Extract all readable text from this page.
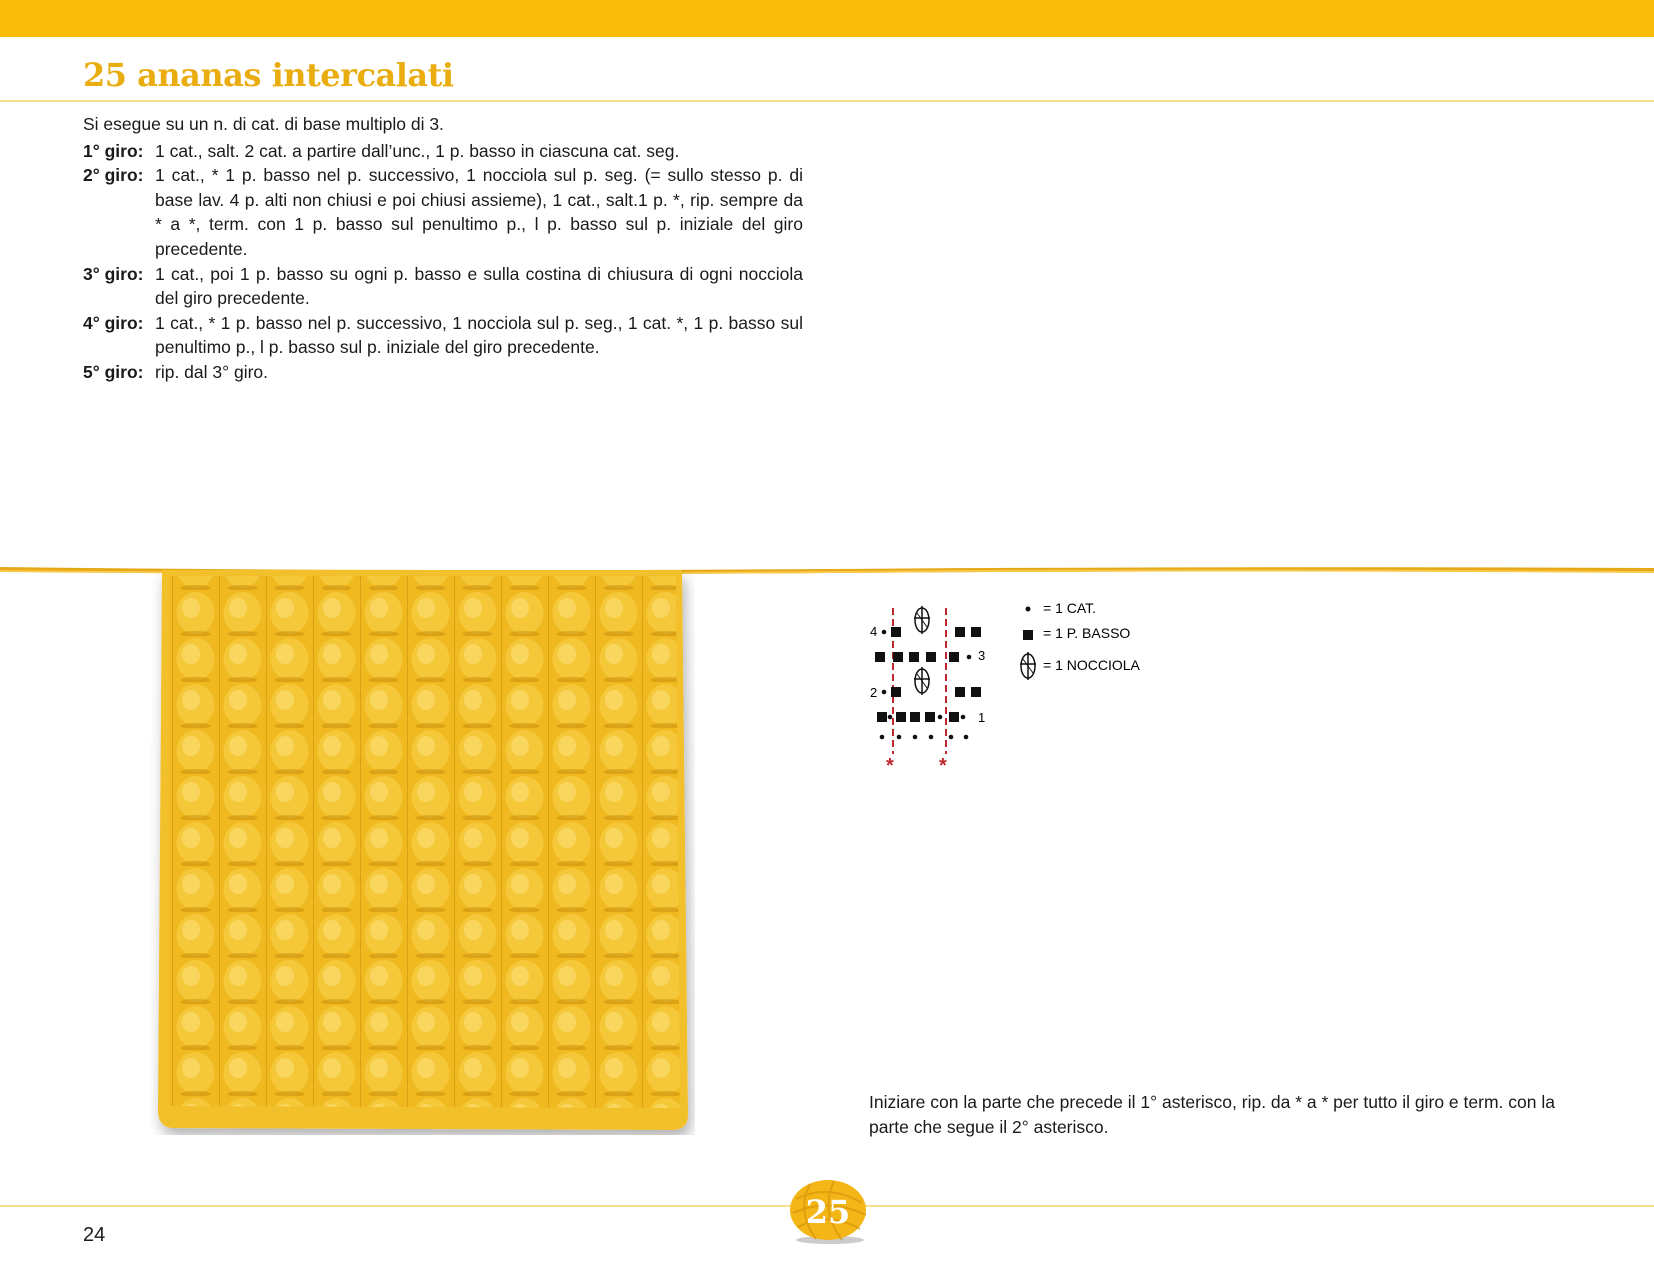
25 ananas intercalati

Si esegue su un n. di cat. di base multiplo di 3.

1° giro: 1 cat., salt. 2 cat. a partire dall’unc., 1 p. basso in ciascuna cat. seg.
2° giro: 1 cat., * 1 p. basso nel p. successivo, 1 nocciola sul p. seg. (= sullo stesso p. di base lav. 4 p. alti non chiusi e poi chiusi assieme), 1 cat., salt.1 p. *, rip. sempre da * a *, term. con 1 p. basso sul penultimo p., l p. basso sul p. iniziale del giro precedente.
3° giro: 1 cat., poi 1 p. basso su ogni p. basso e sulla costina di chiusura di ogni nocciola del giro precedente.
4° giro: 1 cat., * 1 p. basso nel p. successivo, 1 nocciola sul p. seg., 1 cat. *, 1 p. basso sul penultimo p., l p. basso sul p. iniziale del giro precedente.
5° giro: rip. dal 3° giro.
* *
4
3
2
1
= 1 CAT.
= 1 P. BASSO
= 1 NOCCIOLA

Iniziare con la parte che precede il 1° asterisco, rip. da * a * per tutto il giro e term. con la parte che segue il 2° asterisco.

25
24
